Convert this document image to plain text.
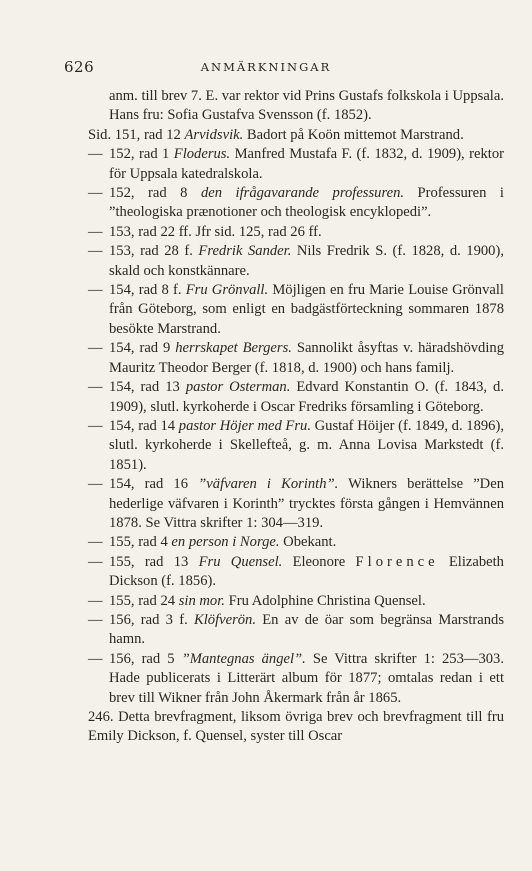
626	ANMÄRKNINGAR
anm. till brev 7. E. var rektor vid Prins Gustafs folkskola i Uppsala. Hans fru: Sofia Gustafva Svensson (f. 1852).
Sid. 151, rad 12 Arvidsvik. Badort på Koön mittemot Marstrand.
— 152, rad 1 Floderus. Manfred Mustafa F. (f. 1832, d. 1909), rektor för Uppsala katedralskola.
— 152, rad 8 den ifrågavarande professuren. Professuren i ”theologiska prænotioner och theologisk encyklopedi”.
— 153, rad 22 ff. Jfr sid. 125, rad 26 ff.
— 153, rad 28 f. Fredrik Sander. Nils Fredrik S. (f. 1828, d. 1900), skald och konstkännare.
— 154, rad 8 f. Fru Grönvall. Möjligen en fru Marie Louise Grönvall från Göteborg, som enligt en badgästförteckning sommaren 1878 besökte Marstrand.
— 154, rad 9 herrskapet Bergers. Sannolikt åsyftas v. häradshövding Mauritz Theodor Berger (f. 1818, d. 1900) och hans familj.
— 154, rad 13 pastor Osterman. Edvard Konstantin O. (f. 1843, d. 1909), slutl. kyrkoherde i Oscar Fredriks församling i Göteborg.
— 154, rad 14 pastor Höjer med Fru. Gustaf Höijer (f. 1849, d. 1896), slutl. kyrkoherde i Skellefteå, g. m. Anna Lovisa Markstedt (f. 1851).
— 154, rad 16 ”väfvaren i Korinth”. Wikners berättelse ”Den hederlige väfvaren i Korinth” trycktes första gången i Hemvännen 1878. Se Vittra skrifter 1: 304—319.
— 155, rad 4 en person i Norge. Obekant.
— 155, rad 13 Fru Quensel. Eleonore Florence Elizabeth Dickson (f. 1856).
— 155, rad 24 sin mor. Fru Adolphine Christina Quensel.
— 156, rad 3 f. Klöfverön. En av de öar som begränsa Marstrands hamn.
— 156, rad 5 ”Mantegnas ängel”. Se Vittra skrifter 1: 253—303. Hade publicerats i Litterärt album för 1877; omtalas redan i ett brev till Wikner från John Åkermark från år 1865.
246. Detta brevfragment, liksom övriga brev och brevfragment till fru Emily Dickson, f. Quensel, syster till Oscar
